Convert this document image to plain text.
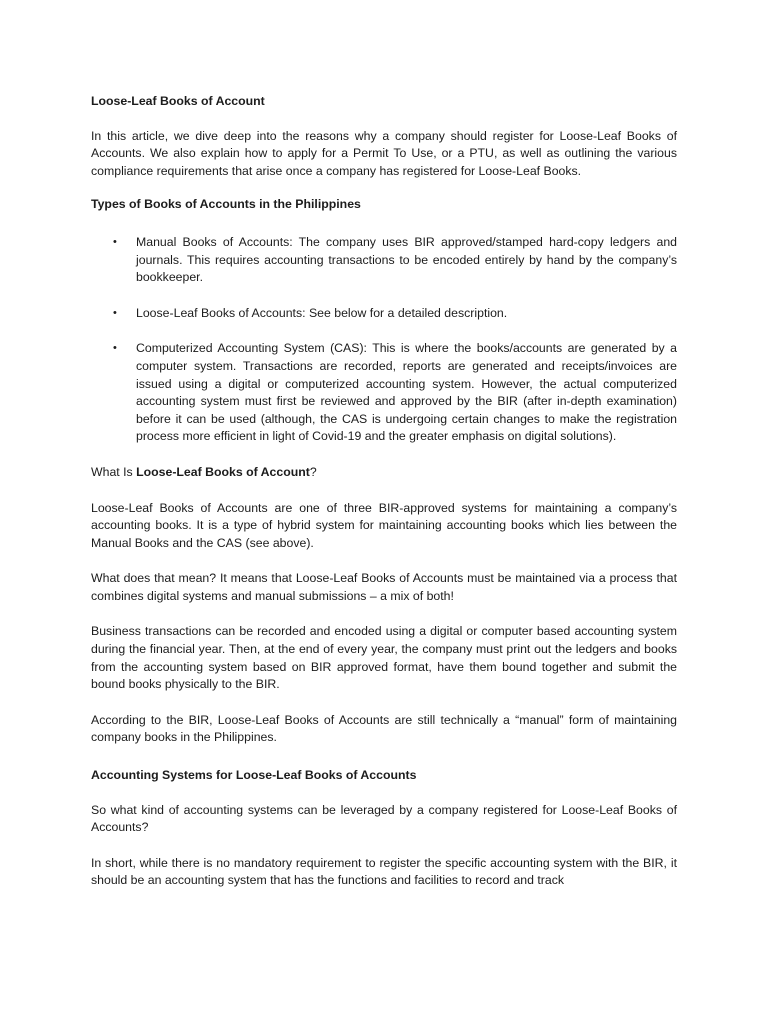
Loose-Leaf Books of Account

In this article, we dive deep into the reasons why a company should register for Loose-Leaf Books of Accounts. We also explain how to apply for a Permit To Use, or a PTU, as well as outlining the various compliance requirements that arise once a company has registered for Loose-Leaf Books.

Types of Books of Accounts in the Philippines
• Manual Books of Accounts: The company uses BIR approved/stamped hard-copy ledgers and journals. This requires accounting transactions to be encoded entirely by hand by the company’s bookkeeper.
• Loose-Leaf Books of Accounts: See below for a detailed description.
• Computerized Accounting System (CAS): This is where the books/accounts are generated by a computer system. Transactions are recorded, reports are generated and receipts/invoices are issued using a digital or computerized accounting system. However, the actual computerized accounting system must first be reviewed and approved by the BIR (after in-depth examination) before it can be used (although, the CAS is undergoing certain changes to make the registration process more efficient in light of Covid-19 and the greater emphasis on digital solutions).

What Is Loose-Leaf Books of Account?

Loose-Leaf Books of Accounts are one of three BIR-approved systems for maintaining a company’s accounting books. It is a type of hybrid system for maintaining accounting books which lies between the Manual Books and the CAS (see above).

What does that mean? It means that Loose-Leaf Books of Accounts must be maintained via a process that combines digital systems and manual submissions – a mix of both!

Business transactions can be recorded and encoded using a digital or computer based accounting system during the financial year. Then, at the end of every year, the company must print out the ledgers and books from the accounting system based on BIR approved format, have them bound together and submit the bound books physically to the BIR.

According to the BIR, Loose-Leaf Books of Accounts are still technically a “manual” form of maintaining company books in the Philippines.

Accounting Systems for Loose-Leaf Books of Accounts

So what kind of accounting systems can be leveraged by a company registered for Loose-Leaf Books of Accounts?

In short, while there is no mandatory requirement to register the specific accounting system with the BIR, it should be an accounting system that has the functions and facilities to record and track
